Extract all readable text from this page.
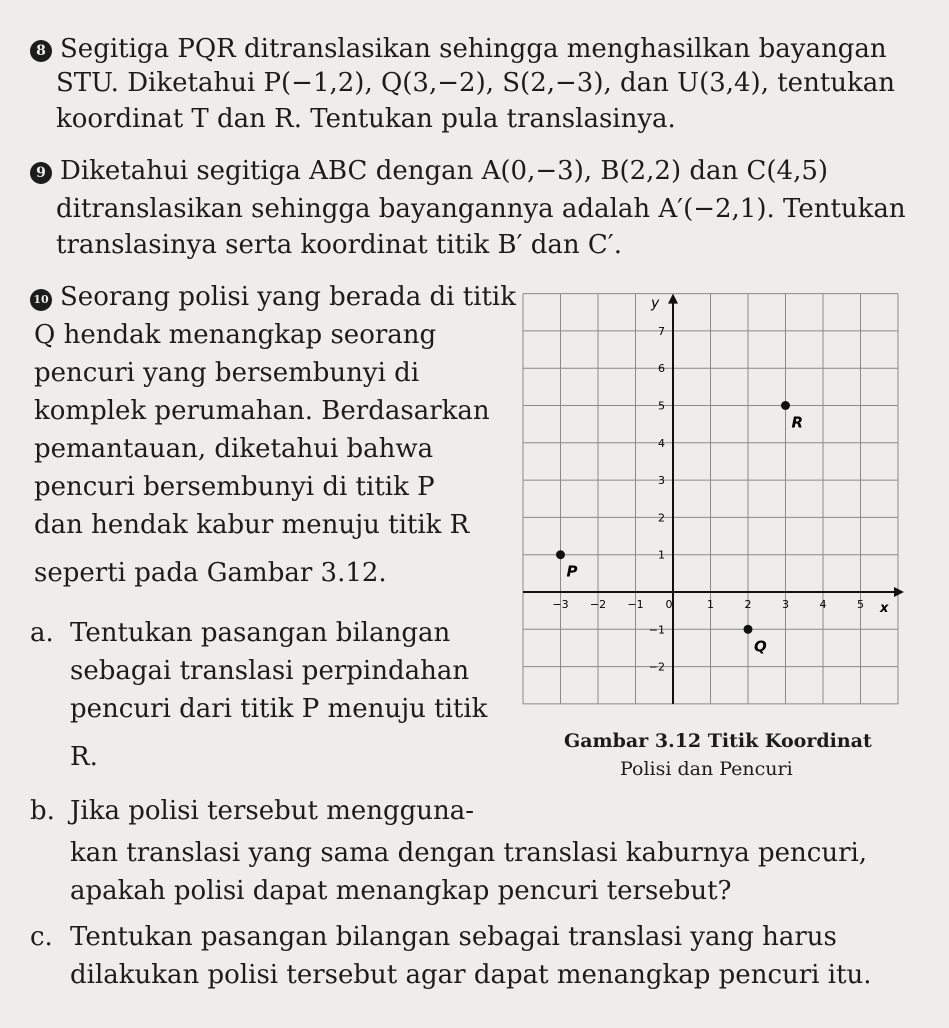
8 Segitiga PQR ditranslasikan sehingga menghasilkan bayangan
STU. Diketahui P(−1,2), Q(3,−2), S(2,−3), dan U(3,4), tentukan
koordinat T dan R. Tentukan pula translasinya.
9 Diketahui segitiga ABC dengan A(0,−3), B(2,2) dan C(4,5)
ditranslasikan sehingga bayangannya adalah A′(−2,1). Tentukan
translasinya serta koordinat titik B′ dan C′.
10 Seorang polisi yang berada di titik
Q hendak menangkap seorang
pencuri yang bersembunyi di
komplek perumahan. Berdasarkan
pemantauan, diketahui bahwa
pencuri bersembunyi di titik P
dan hendak kabur menuju titik R
seperti pada Gambar 3.12.
a. Tentukan pasangan bilangan
sebagai translasi perpindahan
pencuri dari titik P menuju titik
R.
Gambar 3.12 Titik Koordinat
Polisi dan Pencuri
b. Jika polisi tersebut mengguna-
kan translasi yang sama dengan translasi kaburnya pencuri,
apakah polisi dapat menangkap pencuri tersebut?
c. Tentukan pasangan bilangan sebagai translasi yang harus
dilakukan polisi tersebut agar dapat menangkap pencuri itu.
x
y
−3 −2 −1 0	1	2	3	4	5
7
6
5
4
3
2
1
−1
−2
P
Q
R
